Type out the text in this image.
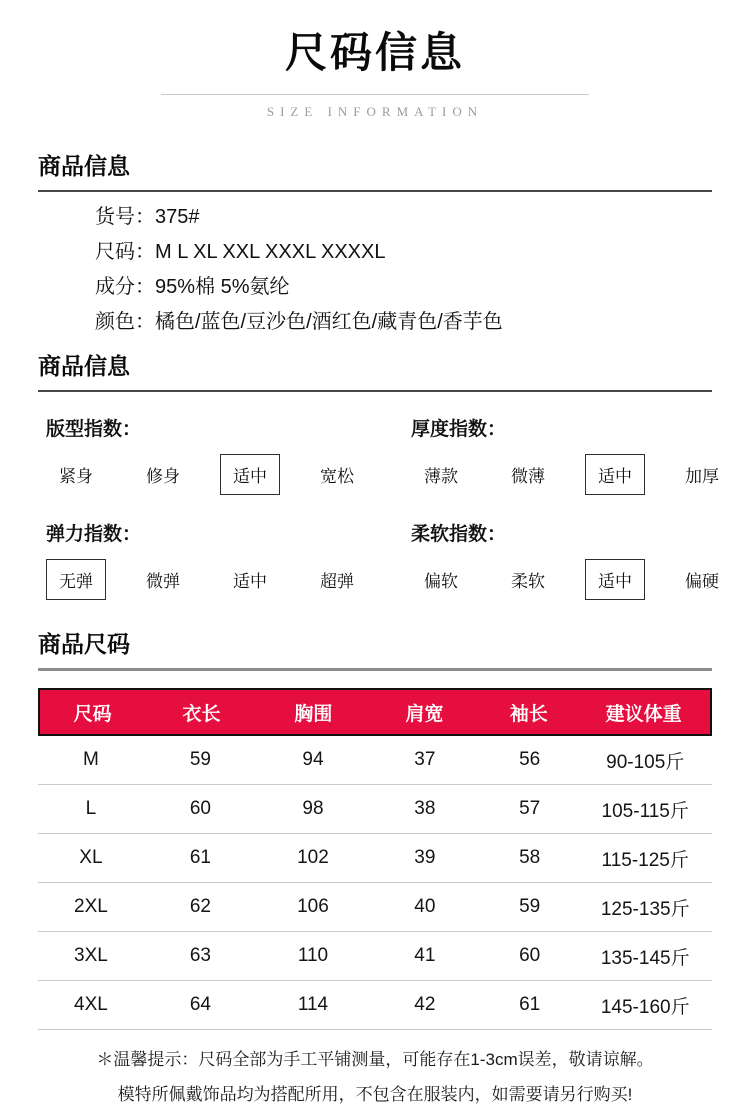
尺码信息
SIZE INFORMATION
商品信息
货号：375#
尺码：M L XL XXL XXXL XXXXL
成分：95%棉 5%氨纶
颜色：橘色/蓝色/豆沙色/酒红色/藏青色/香芋色
商品信息
版型指数：
紧身	修身	适中	宽松
厚度指数：
薄款	微薄	适中	加厚
弹力指数：
无弹	微弹	适中	超弹
柔软指数：
偏软	柔软	适中	偏硬
商品尺码
尺码	衣长	胸围	肩宽	袖长	建议体重
M	59	94	37	56	90-105斤
L	60	98	38	57	105-115斤
XL	61	102	39	58	115-125斤
2XL	62	106	40	59	125-135斤
3XL	63	110	41	60	135-145斤
4XL	64	114	42	61	145-160斤
＊温馨提示：尺码全部为手工平铺测量，可能存在1-3cm误差，敬请谅解。
模特所佩戴饰品均为搭配所用，不包含在服装内，如需要请另行购买!
